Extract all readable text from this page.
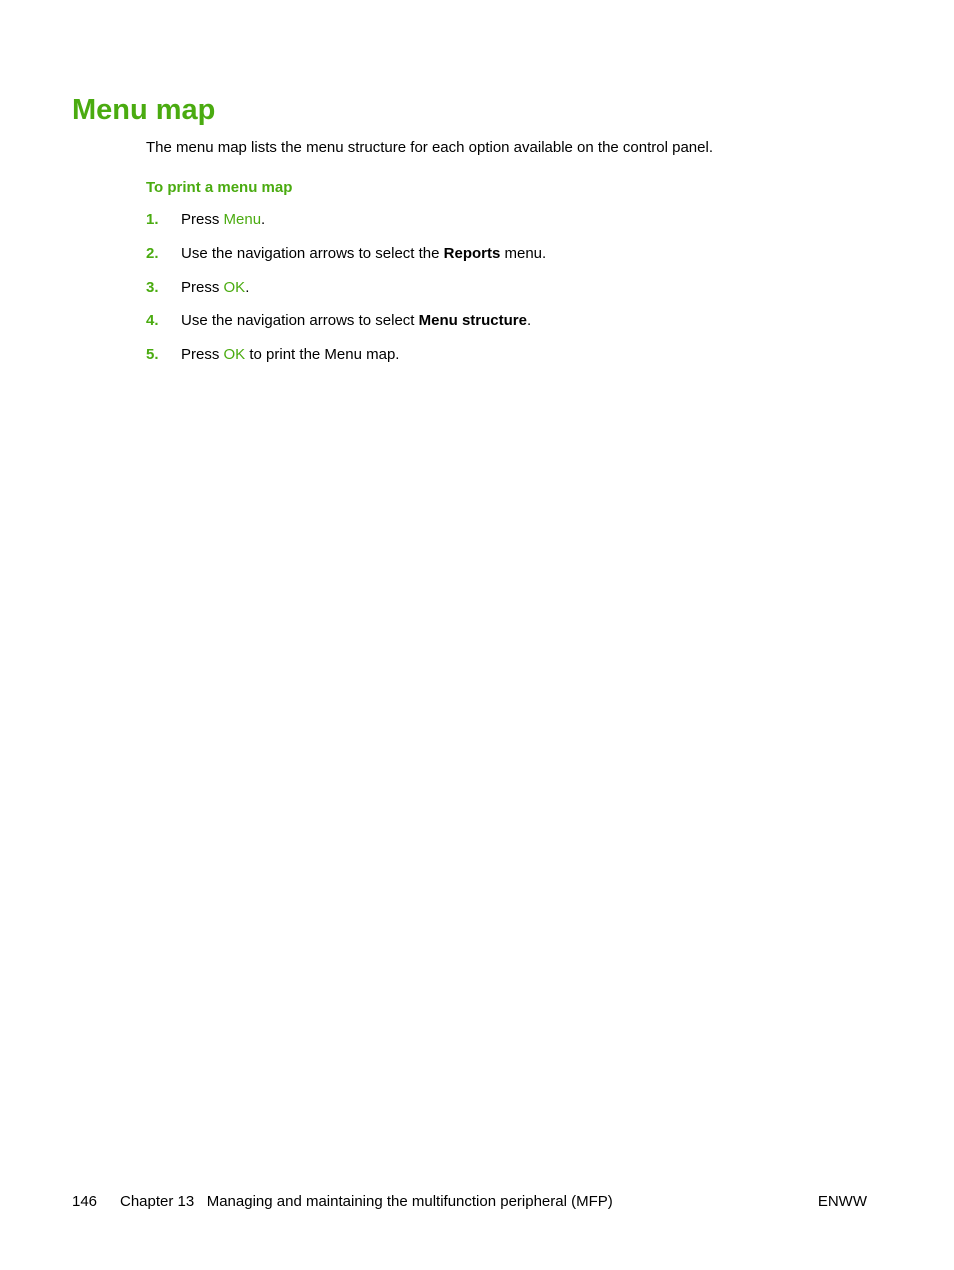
Menu map

The menu map lists the menu structure for each option available on the control panel.

To print a menu map

1. Press Menu.
2. Use the navigation arrows to select the Reports menu.
3. Press OK.
4. Use the navigation arrows to select Menu structure.
5. Press OK to print the Menu map.
146 Chapter 13   Managing and maintaining the multifunction peripheral (MFP)	ENWW
